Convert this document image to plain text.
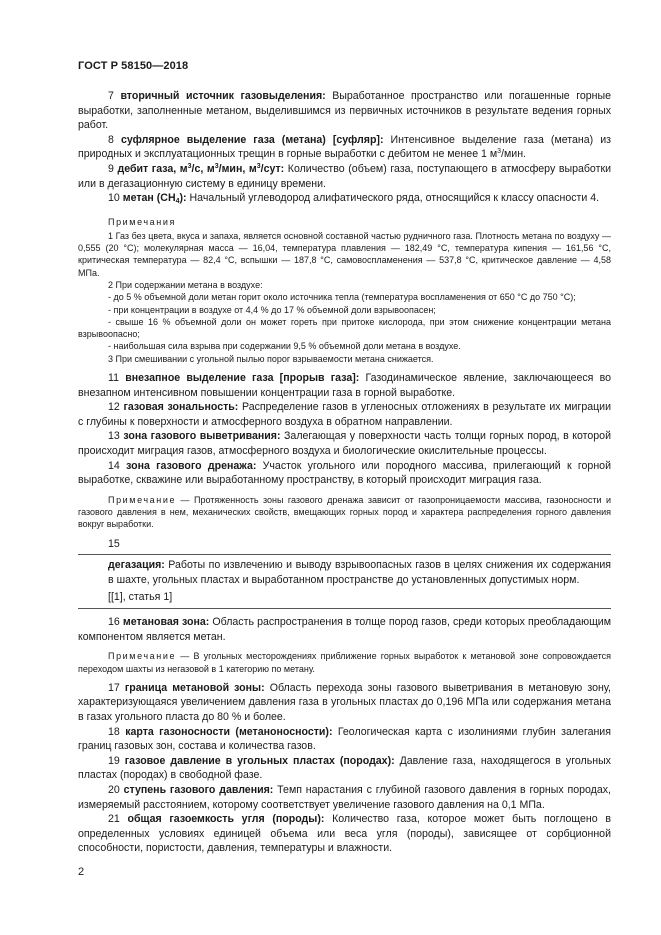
ГОСТ Р 58150—2018

7 вторичный источник газовыделения: Выработанное пространство или погашенные горные выработки, заполненные метаном, выделившимся из первичных источников в результате ведения горных работ.

8 суфлярное выделение газа (метана) [суфляр]: Интенсивное выделение газа (метана) из природных и эксплуатационных трещин в горные выработки с дебитом не менее 1 $м^3$/мин.

9 дебит газа, $м^3/с$, $м^3$/мин, $м^3$/сут: Количество (объем) газа, поступающего в атмосферу выработки или в дегазационную систему в единицу времени.

10 метан $(CH_4)$: Начальный углеводород алифатического ряда, относящийся к классу опасности 4.

Примечания

1 Газ без цвета, вкуса и запаха, является основной составной частью рудничного газа. Плотность метана по воздуху — 0,555 (20 °С); молекулярная масса — 16,04, температура плавления — 182,49 °С, температура кипения — 161,56 °С, критическая температура — 82,4 °С, вспышки — 187,8 °С, самовоспламенения — 537,8 °С, критическое давление — 4,58 МПа.

2 При содержании метана в воздухе:

- до 5 % объемной доли метан горит около источника тепла (температура воспламенения от 650 °С до 750 °С);

- при концентрации в воздухе от 4,4 % до 17 % объемной доли взрывоопасен;

- свыше 16 % объемной доли он может гореть при притоке кислорода, при этом снижение концентрации метана взрывоопасно;

- наибольшая сила взрыва при содержании 9,5 % объемной доли метана в воздухе.

3 При смешивании с угольной пылью порог взрываемости метана снижается.

11 внезапное выделение газа [прорыв газа]: Газодинамическое явление, заключающееся во внезапном интенсивном повышении концентрации газа в горной выработке.

12 газовая зональность: Распределение газов в угленосных отложениях в результате их миграции с глубины к поверхности и атмосферного воздуха в обратном направлении.

13 зона газового выветривания: Залегающая у поверхности часть толщи горных пород, в которой происходит миграция газов, атмосферного воздуха и биологические окислительные процессы.

14 зона газового дренажа: Участок угольного или породного массива, прилегающий к горной выработке, скважине или выработанному пространству, в который происходит миграция газа.

Примечание — Протяженность зоны газового дренажа зависит от газопроницаемости массива, газоносности и газового давления в нем, механических свойств, вмещающих горных пород и характера распределения горного давления вокруг выработки.

15

дегазация: Работы по извлечению и выводу взрывоопасных газов в целях снижения их содержания в шахте, угольных пластах и выработанном пространстве до установленных допустимых норм.

[[1], статья 1]

16 метановая зона: Область распространения в толще пород газов, среди которых преобладающим компонентом является метан.

Примечание — В угольных месторождениях приближение горных выработок к метановой зоне сопровождается переходом шахты из негазовой в 1 категорию по метану.

17 граница метановой зоны: Область перехода зоны газового выветривания в метановую зону, характеризующаяся увеличением давления газа в угольных пластах до 0,196 МПа или содержания метана в газах угольного пласта до 80 % и более.

18 карта газоносности (метаноносности): Геологическая карта с изолиниями глубин залегания границ газовых зон, состава и количества газов.

19 газовое давление в угольных пластах (породах): Давление газа, находящегося в угольных пластах (породах) в свободной фазе.

20 ступень газового давления: Темп нарастания с глубиной газового давления в горных породах, измеряемый расстоянием, которому соответствует увеличение газового давления на 0,1 МПа.

21 общая газоемкость угля (породы): Количество газа, которое может быть поглощено в определенных условиях единицей объема или веса угля (породы), зависящее от сорбционной способности, пористости, давления, температуры и влажности.

2
